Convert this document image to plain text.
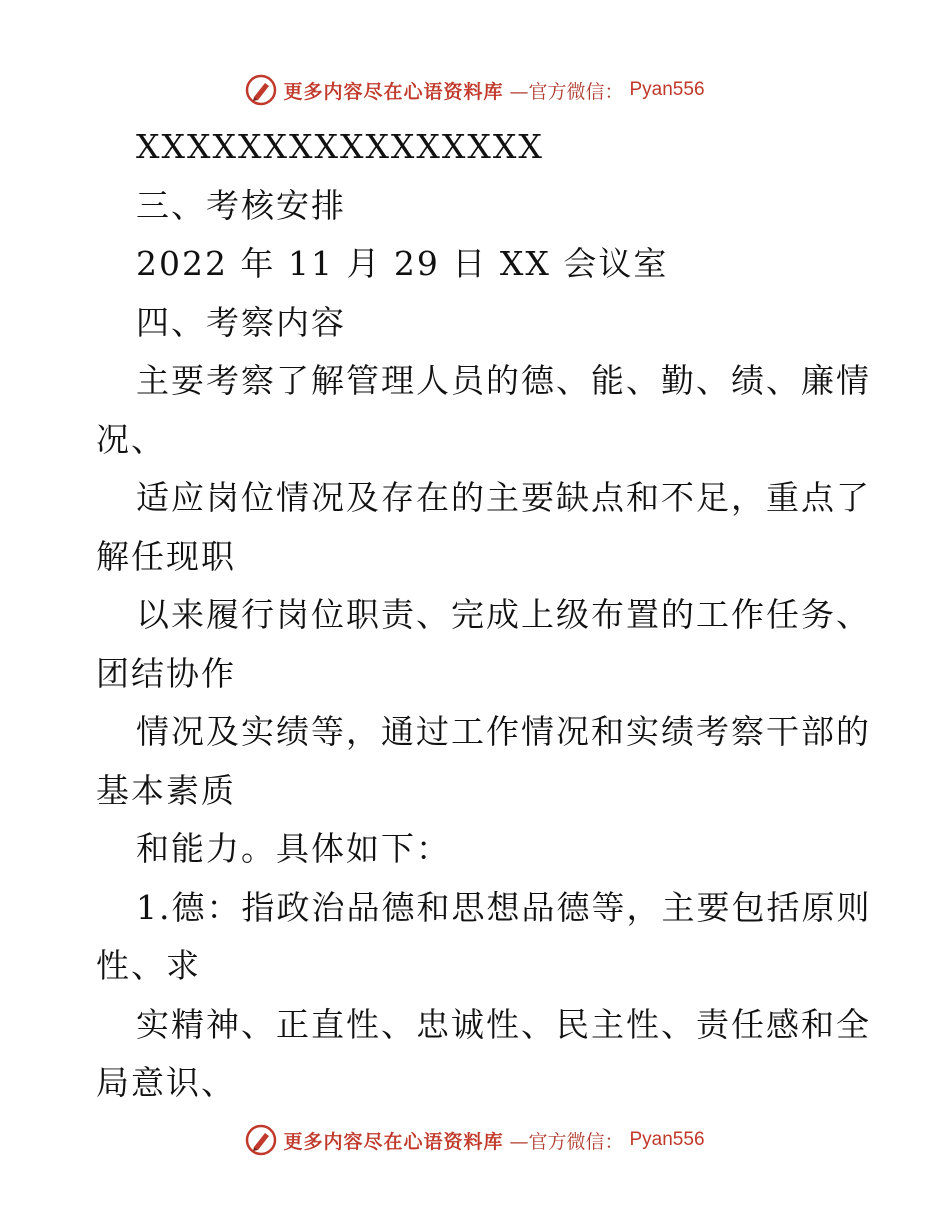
更多内容尽在心语资料库 —官方微信： Pyan556
XXXXXXXXXXXXXXXX
三、考核安排
2022 年 11 月 29 日 XX 会议室
四、考察内容
主要考察了解管理人员的德、能、勤、绩、廉情
况、
适应岗位情况及存在的主要缺点和不足，重点了
解任现职
以来履行岗位职责、完成上级布置的工作任务、
团结协作
情况及实绩等，通过工作情况和实绩考察干部的
基本素质
和能力。具体如下：
1.德：指政治品德和思想品德等，主要包括原则
性、求
实精神、正直性、忠诚性、民主性、责任感和全
局意识、
更多内容尽在心语资料库 —官方微信： Pyan556
